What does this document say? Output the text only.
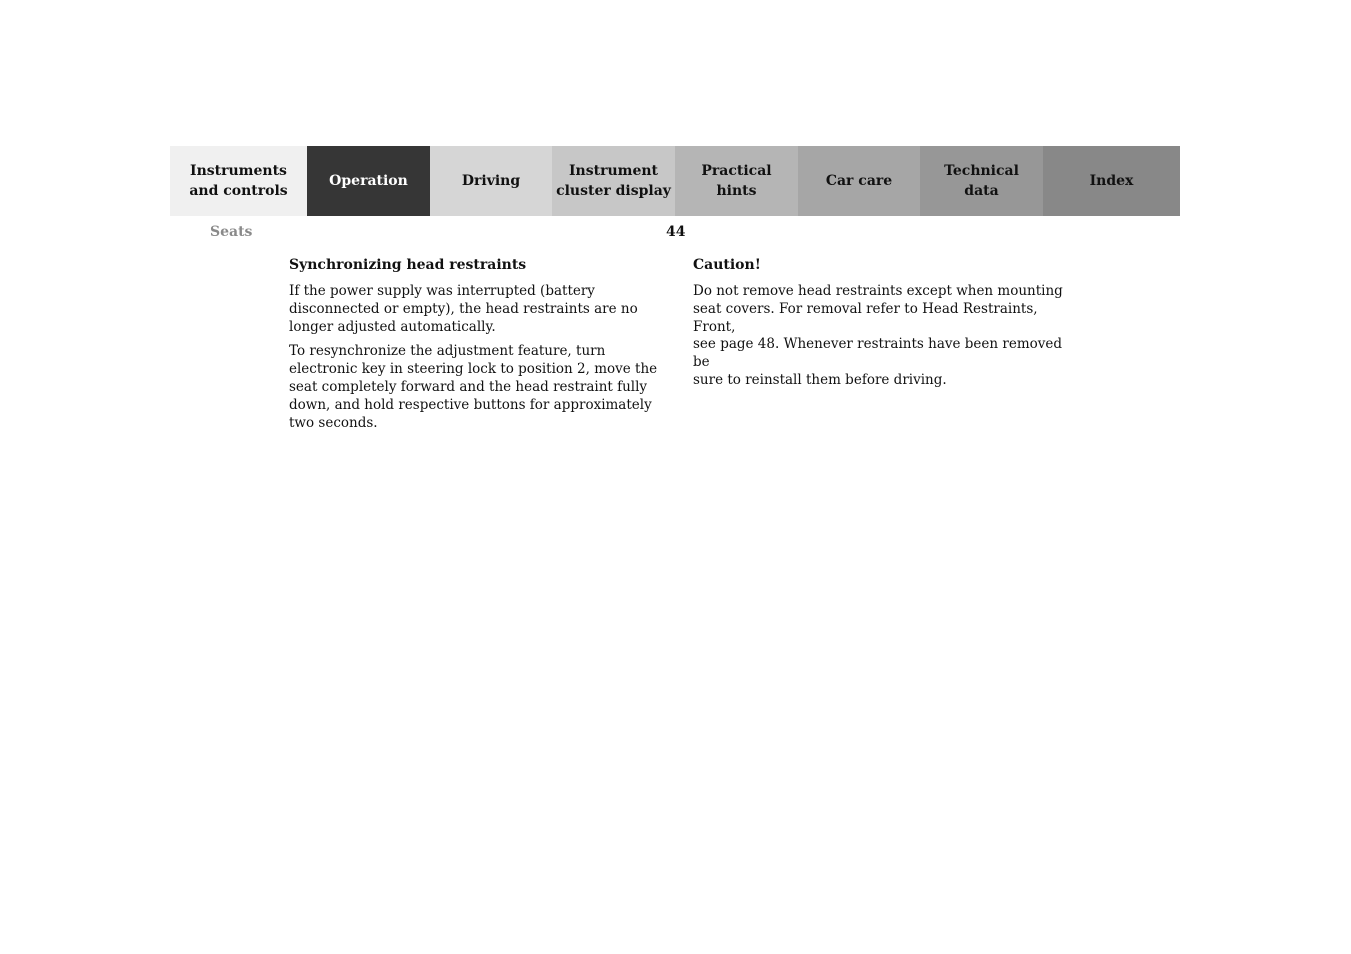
Instruments
and controls
Operation	Driving
Instrument
cluster display
Practical hints
Car care
Technical
data
Index
Seats	44
Synchronizing head restraints

If the power supply was interrupted (battery
disconnected or empty), the head restraints are no
longer adjusted automatically.

To resynchronize the adjustment feature, turn
electronic key in steering lock to position 2, move the
seat completely forward and the head restraint fully
down, and hold respective buttons for approximately
two seconds.

Caution!

Do not remove head restraints except when mounting
seat covers. For removal refer to Head Restraints, Front,
see page 48. Whenever restraints have been removed be
sure to reinstall them before driving.
